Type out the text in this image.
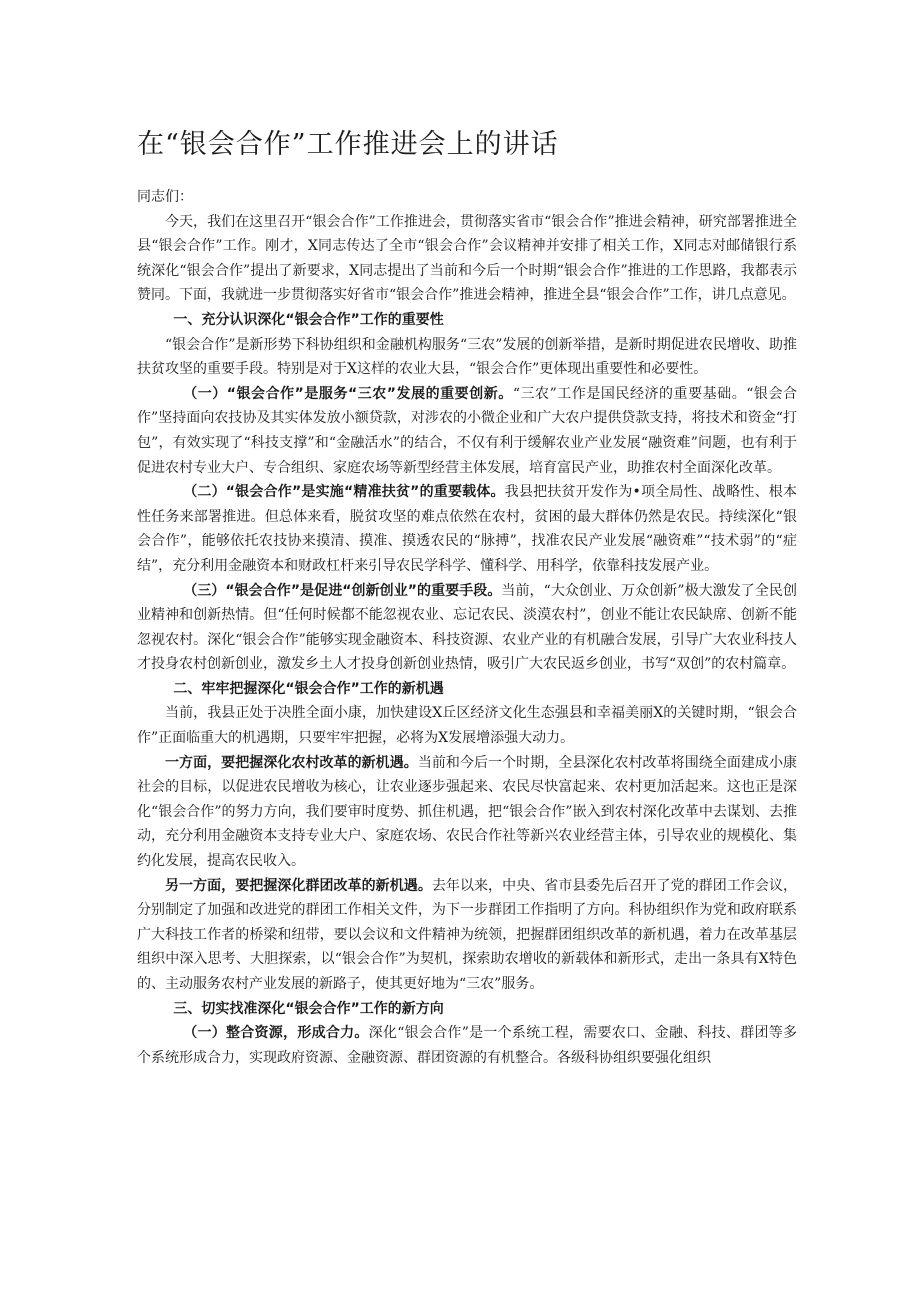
在“银会合作”工作推进会上的讲话

同志们：

今天，我们在这里召开“银会合作”工作推进会，贯彻落实省市“银会合作”推进会精神，研究部署推进全县“银会合作”工作。刚才，X同志传达了全市“银会合作”会议精神并安排了相关工作，X同志对邮储银行系统深化“银会合作”提出了新要求，X同志提出了当前和今后一个时期“银会合作”推进的工作思路，我都表示赞同。下面，我就进一步贯彻落实好省市“银会合作”推进会精神，推进全县“银会合作”工作，讲几点意见。

一、充分认识深化“银会合作”工作的重要性

“银会合作”是新形势下科协组织和金融机构服务“三农”发展的创新举措，是新时期促进农民增收、助推扶贫攻坚的重要手段。特别是对于X这样的农业大县，“银会合作”更体现出重要性和必要性。

（一）“银会合作”是服务“三农”发展的重要创新。“三农”工作是国民经济的重要基础。“银会合作”坚持面向农技协及其实体发放小额贷款，对涉农的小微企业和广大农户提供贷款支持，将技术和资金“打包”，有效实现了“科技支撑”和“金融活水”的结合，不仅有利于缓解农业产业发展“融资难”问题，也有利于促进农村专业大户、专合组织、家庭农场等新型经营主体发展，培育富民产业，助推农村全面深化改革。

（二）“银会合作”是实施“精准扶贫”的重要载体。我县把扶贫开发作为•项全局性、战略性、根本性任务来部署推进。但总体来看，脱贫攻坚的难点依然在农村，贫困的最大群体仍然是农民。持续深化“银会合作”，能够依托农技协来摸清、摸准、摸透农民的“脉搏”，找准农民产业发展“融资难”“技术弱”的“症结”，充分利用金融资本和财政杠杆来引导农民学科学、懂科学、用科学，依靠科技发展产业。

（三）“银会合作”是促进“创新创业”的重要手段。当前，“大众创业、万众创新”极大激发了全民创业精神和创新热情。但“任何时候都不能忽视农业、忘记农民、淡漠农村”，创业不能让农民缺席、创新不能忽视农村。深化“银会合作”能够实现金融资本、科技资源、农业产业的有机融合发展，引导广大农业科技人才投身农村创新创业，激发乡土人才投身创新创业热情，吸引广大农民返乡创业，书写“双创”的农村篇章。

二、牢牢把握深化“银会合作”工作的新机遇

当前，我县正处于决胜全面小康，加快建设X丘区经济文化生态强县和幸福美丽X的关键时期，“银会合作”正面临重大的机遇期，只要牢牢把握，必将为X发展增添强大动力。

一方面，要把握深化农村改革的新机遇。当前和今后一个时期，全县深化农村改革将围绕全面建成小康社会的目标，以促进农民增收为核心，让农业逐步强起来、农民尽快富起来、农村更加活起来。这也正是深化“银会合作”的努力方向，我们要审时度势、抓住机遇，把“银会合作”嵌入到农村深化改革中去谋划、去推动，充分利用金融资本支持专业大户、家庭农场、农民合作社等新兴农业经营主体，引导农业的规模化、集约化发展，提高农民收入。

另一方面，要把握深化群团改革的新机遇。去年以来，中央、省市县委先后召开了党的群团工作会议，分别制定了加强和改进党的群团工作相关文件，为下一步群团工作指明了方向。科协组织作为党和政府联系广大科技工作者的桥梁和纽带，要以会议和文件精神为统领，把握群团组织改革的新机遇，着力在改革基层组织中深入思考、大胆探索，以“银会合作”为契机，探索助农增收的新载体和新形式，走出一条具有X特色的、主动服务农村产业发展的新路子，使其更好地为“三农”服务。

三、切实找准深化“银会合作”工作的新方向

（一）整合资源，形成合力。深化“银会合作”是一个系统工程，需要农口、金融、科技、群团等多个系统形成合力，实现政府资源、金融资源、群团资源的有机整合。各级科协组织要强化组织
